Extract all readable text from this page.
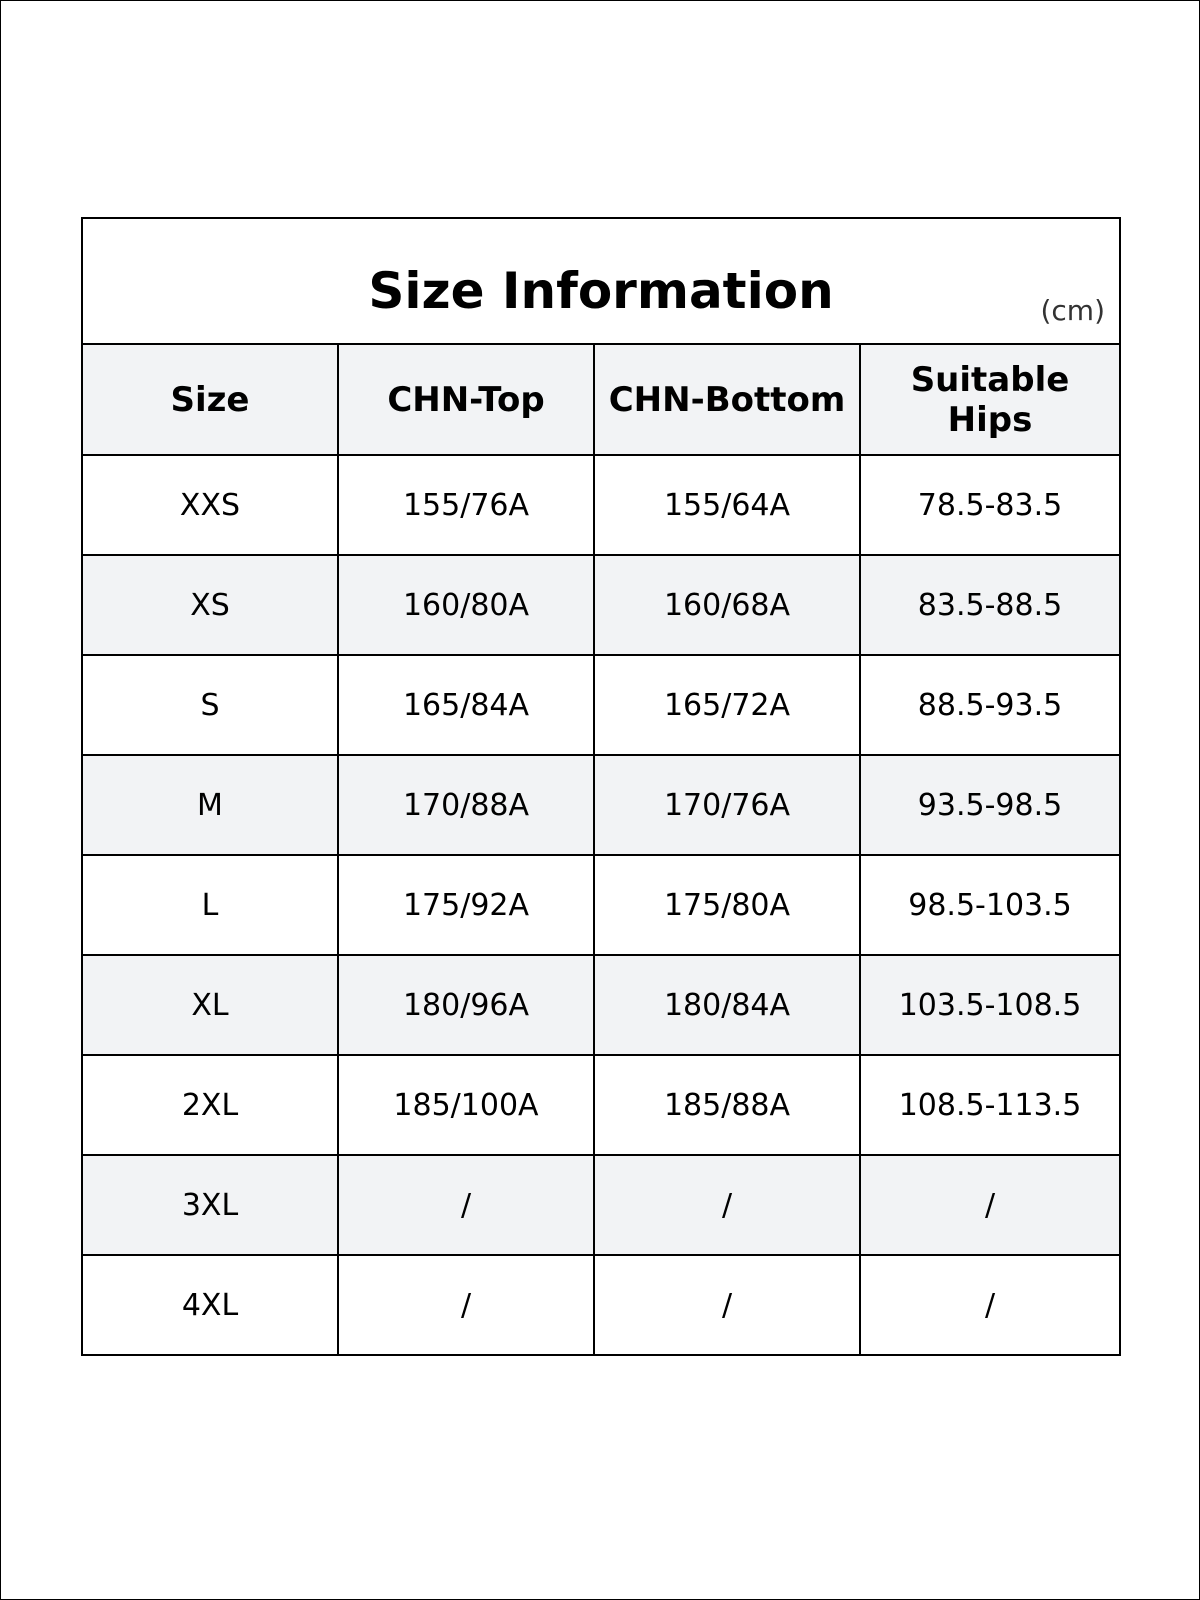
Size Information (cm)			

Size	CHN-Top	CHN-Bottom	Suitable Hips
XXS	155/76A	155/64A	78.5-83.5
XS	160/80A	160/68A	83.5-88.5
S	165/84A	165/72A	88.5-93.5
M	170/88A	170/76A	93.5-98.5
L	175/92A	175/80A	98.5-103.5
XL	180/96A	180/84A	103.5-108.5
2XL	185/100A	185/88A	108.5-113.5
3XL	/	/	/
4XL	/	/	/
